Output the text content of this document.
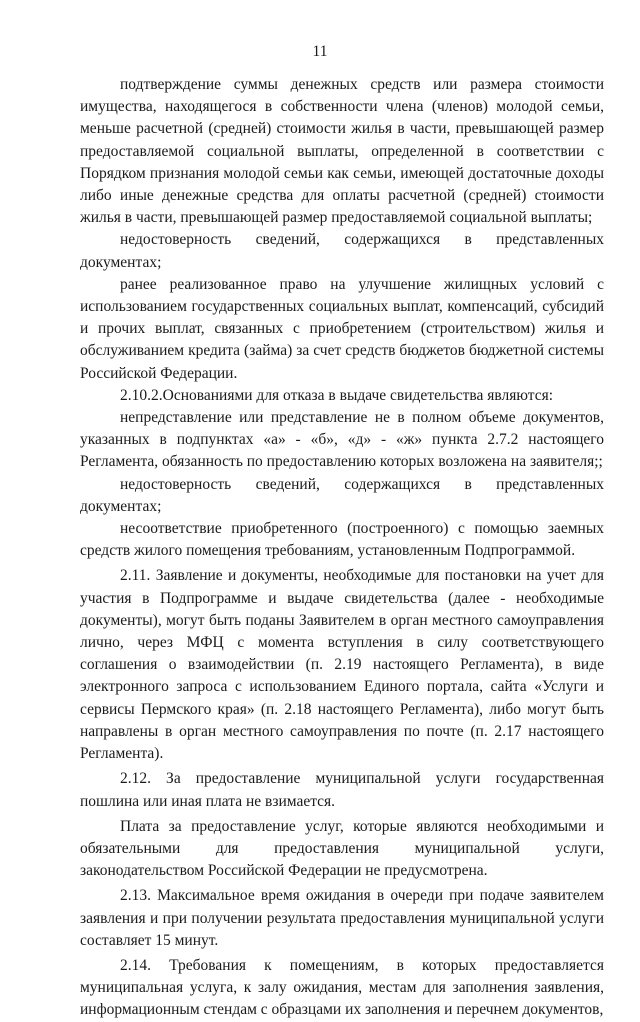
11

подтверждение суммы денежных средств или размера стоимости имущества, находящегося в собственности члена (членов) молодой семьи, меньше расчетной (средней) стоимости жилья в части, превышающей размер предоставляемой социальной выплаты, определенной в соответствии с Порядком признания молодой семьи как семьи, имеющей достаточные доходы либо иные денежные средства для оплаты расчетной (средней) стоимости жилья в части, превышающей размер предоставляемой социальной выплаты;

недостоверность сведений, содержащихся в представленных документах;

ранее реализованное право на улучшение жилищных условий с использованием государственных социальных выплат, компенсаций, субсидий и прочих выплат, связанных с приобретением (строительством) жилья и обслуживанием кредита (займа) за счет средств бюджетов бюджетной системы Российской Федерации.

2.10.2.Основаниями для отказа в выдаче свидетельства являются:

непредставление или представление не в полном объеме документов, указанных в подпунктах «а» - «б», «д» - «ж» пункта 2.7.2 настоящего Регламента, обязанность по предоставлению которых возложена на заявителя;;

недостоверность сведений, содержащихся в представленных документах;

несоответствие приобретенного (построенного) с помощью заемных средств жилого помещения требованиям, установленным Подпрограммой.

2.11. Заявление и документы, необходимые для постановки на учет для участия в Подпрограмме и выдаче свидетельства (далее - необходимые документы), могут быть поданы Заявителем в орган местного самоуправления лично, через МФЦ с момента вступления в силу соответствующего соглашения о взаимодействии (п. 2.19 настоящего Регламента), в виде электронного запроса с использованием Единого портала, сайта «Услуги и сервисы Пермского края» (п. 2.18 настоящего Регламента), либо могут быть направлены в орган местного самоуправления по почте (п. 2.17 настоящего Регламента).

2.12. За предоставление муниципальной услуги государственная пошлина или иная плата не взимается.

Плата за предоставление услуг, которые являются необходимыми и обязательными для предоставления муниципальной услуги, законодательством Российской Федерации не предусмотрена.

2.13. Максимальное время ожидания в очереди при подаче заявителем заявления и при получении результата предоставления муниципальной услуги составляет 15 минут.

2.14. Требования к помещениям, в которых предоставляется муниципальная услуга, к залу ожидания, местам для заполнения заявления, информационным стендам с образцами их заполнения и перечнем документов,
